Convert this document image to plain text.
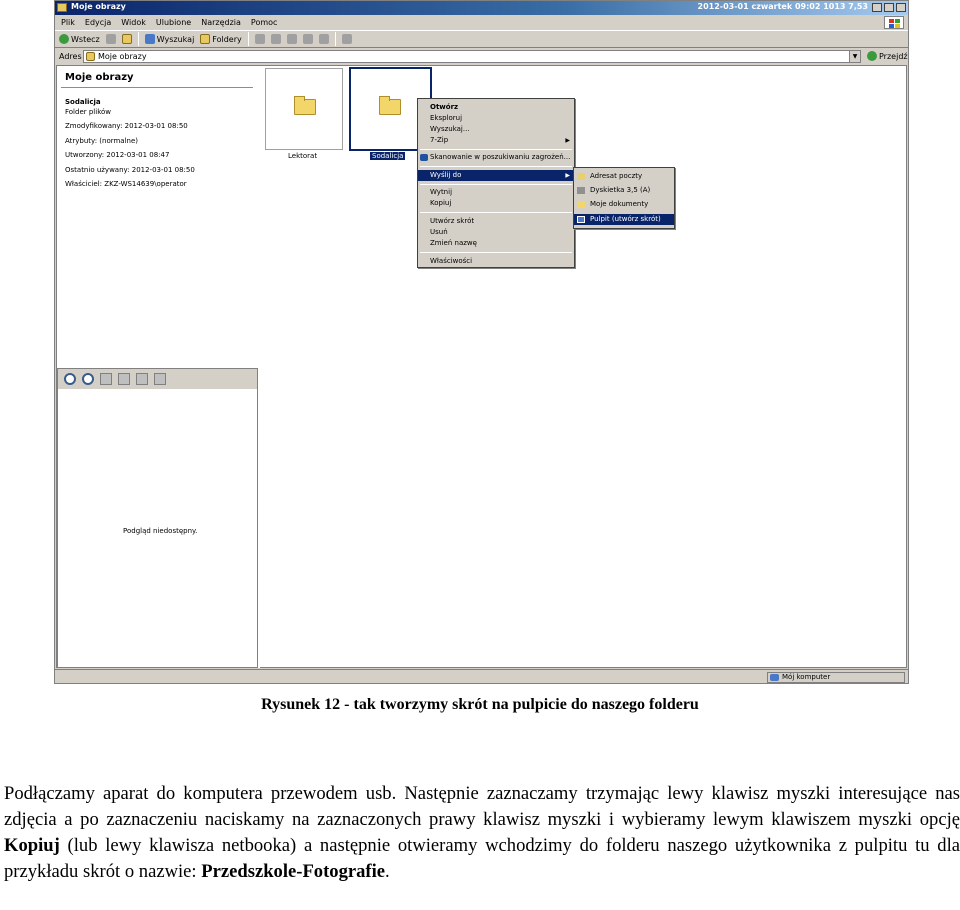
Moje obrazy	2012-03-01 czwartek 09:02 1013 7,53
Plik Edycja Widok Ulubione Narzędzia Pomoc
Wstecz	Wyszukaj Foldery
Adres	Moje obrazy	▼	Przejdź
Moje obrazy
Sodalicja
Folder plików
Zmodyfikowany: 2012-03-01 08:50
Atrybuty: (normalne)
Utworzony: 2012-03-01 08:47
Ostatnio używany: 2012-03-01 08:50
Właściciel: ZKZ-WS14639\operator
Podgląd niedostępny.
Lektorat	Sodalicja
Otwórz
Eksploruj
Wyszukaj...
7-Zip	▶
Skanowanie w poszukiwaniu zagrożeń...
Wyślij do	▶
Wytnij
Kopiuj
Utwórz skrót
Usuń
Zmień nazwę
Właściwości
Adresat poczty
Dyskietka 3,5 (A)
Moje dokumenty
Pulpit (utwórz skrót)
Mój komputer
Rysunek 12 - tak tworzymy skrót na pulpicie do naszego folderu
Podłączamy aparat do komputera przewodem usb. Następnie zaznaczamy trzymając lewy klawisz myszki interesujące nas zdjęcia a po zaznaczeniu naciskamy na zaznaczonych prawy klawisz myszki i wybieramy lewym klawiszem myszki opcję Kopiuj (lub lewy klawisza netbooka) a następnie otwieramy wchodzimy do folderu naszego użytkownika z pulpitu tu dla przykładu skrót o nazwie: Przedszkole-Fotografie.
